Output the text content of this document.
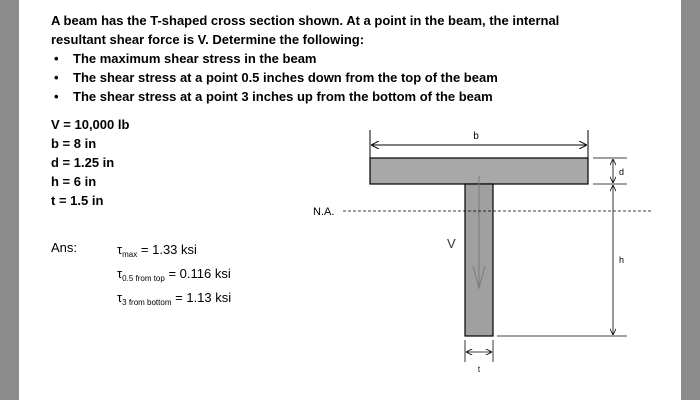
A beam has the T-shaped cross section shown. At a point in the beam, the internal
resultant shear force is V. Determine the following:
• The maximum shear stress in the beam
• The shear stress at a point 0.5 inches down from the top of the beam
• The shear stress at a point 3 inches up from the bottom of the beam
V = 10,000 lb
b = 8 in
d = 1.25 in
h = 6 in
t = 1.5 in
Ans:	$\tau_{max} = 1.33$ ksi
$\tau_{0.5 from top} = 0.116$ ksi
$\tau_{3 from bottom} = 1.13$ ksi
b
V
N.A.
d
h
t
